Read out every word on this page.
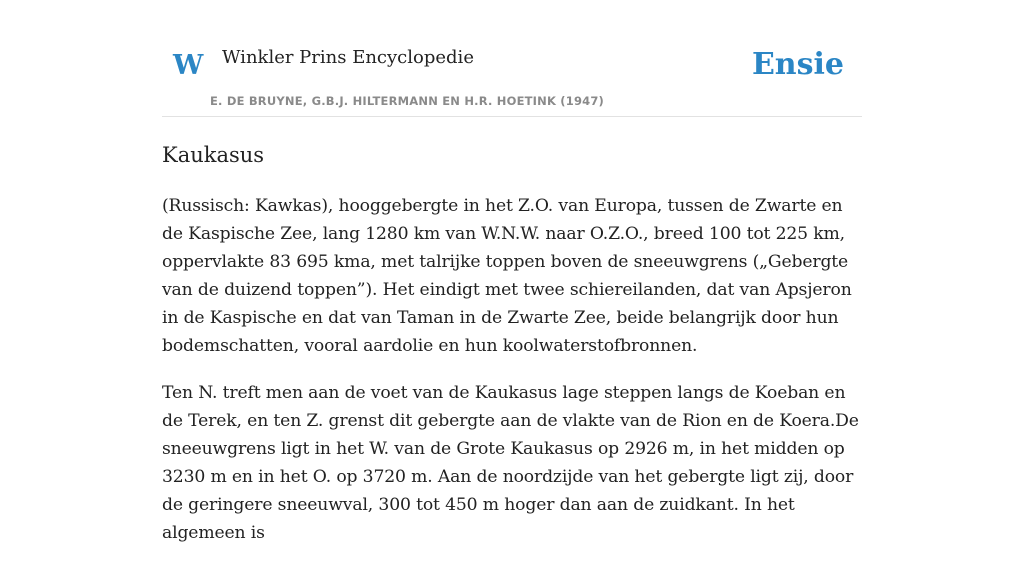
W Winkler Prins Encyclopedie
E. DE BRUYNE, G.B.J. HILTERMANN EN H.R. HOETINK (1947)
Ensie
Kaukasus

(Russisch: Kawkas), hooggebergte in het Z.O. van Europa, tussen de Zwarte en de Kaspische Zee, lang 1280 km van W.N.W. naar O.Z.O., breed 100 tot 225 km, oppervlakte 83 695 kma, met talrijke toppen boven de sneeuwgrens („Gebergte van de duizend toppen”). Het eindigt met twee schiereilanden, dat van Apsjeron in de Kaspische en dat van Taman in de Zwarte Zee, beide belangrijk door hun bodemschatten, vooral aardolie en hun koolwaterstofbronnen.

Ten N. treft men aan de voet van de Kaukasus lage steppen langs de Koeban en de Terek, en ten Z. grenst dit gebergte aan de vlakte van de Rion en de Koera.De sneeuwgrens ligt in het W. van de Grote Kaukasus op 2926 m, in het midden op 3230 m en in het O. op 3720 m. Aan de noordzijde van het gebergte ligt zij, door de geringere sneeuwval, 300 tot 450 m hoger dan aan de zuidkant. In het algemeen is
